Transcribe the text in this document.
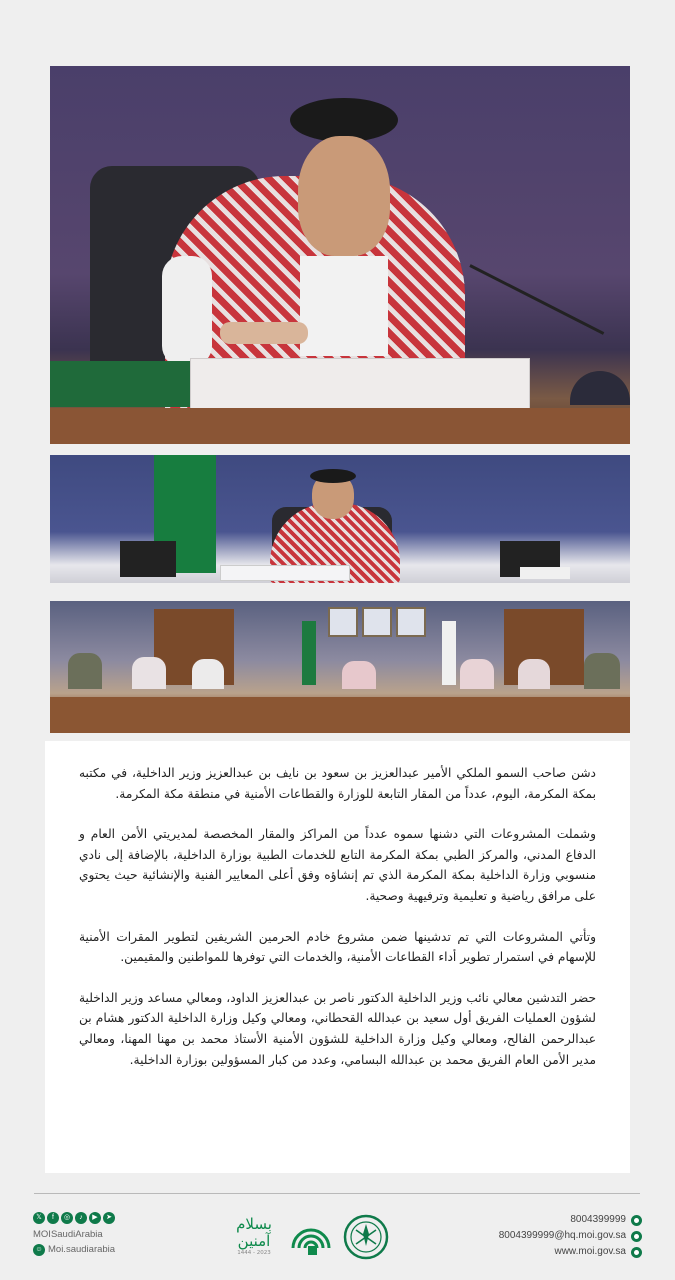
دشن صاحب السمو الملكي الأمير عبدالعزيز بن سعود بن نايف بن عبدالعزيز وزير الداخلية، في مكتبه بمكة المكرمة، اليوم، عدداً من المقار التابعة للوزارة والقطاعات الأمنية في منطقة مكة المكرمة.

وشملت المشروعات التي دشنها سموه عدداً من المراكز والمقار المخصصة لمديريتي الأمن العام و الدفاع المدني، والمركز الطبي بمكة المكرمة التابع للخدمات الطبية بوزارة الداخلية، بالإضافة إلى نادي منسوبي وزارة الداخلية بمكة المكرمة الذي تم إنشاؤه وفق أعلى المعايير الفنية والإنشائية حيث يحتوي على مرافق رياضية و تعليمية وترفيهية وصحية.

وتأتي المشروعات التي تم تدشينها ضمن مشروع خادم الحرمين الشريفين لتطوير المقرات الأمنية للإسهام في استمرار تطوير أداء القطاعات الأمنية، والخدمات التي توفرها للمواطنين والمقيمين.

حضر التدشين معالي نائب وزير الداخلية الدكتور ناصر بن عبدالعزيز الداود، ومعالي مساعد وزير الداخلية لشؤون العمليات الفريق أول سعيد بن عبدالله القحطاني، ومعالي وكيل وزارة الداخلية الدكتور هشام بن عبدالرحمن الفالح، ومعالي وكيل وزارة الداخلية للشؤون الأمنية الأستاذ محمد بن مهنا المهنا، ومعالي مدير الأمن العام الفريق محمد بن عبدالله البسامي، وعدد من كبار المسؤولين بوزارة الداخلية.

𝕏	f	◎	♪	▶	➤
MOISaudiArabia
☺ Moi.saudiarabia
بسلام
آمنين
1444 - 2023
8004399999
8004399999@hq.moi.gov.sa
www.moi.gov.sa
